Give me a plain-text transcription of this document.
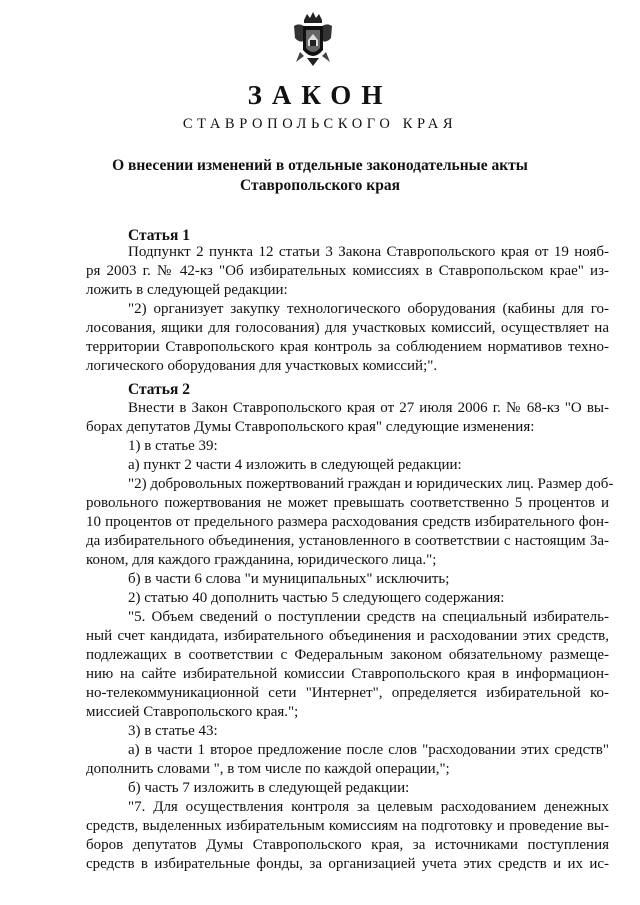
ЗАКОН
СТАВРОПОЛЬСКОГО КРАЯ
О внесении изменений в отдельные законодательные акты
Ставропольского края
Статья 1
Подпункт 2 пункта 12 статьи 3 Закона Ставропольского края от 19 нояб-
ря 2003 г. № 42-кз "Об избирательных комиссиях в Ставропольском крае" из-
ложить в следующей редакции:
"2) организует закупку технологического оборудования (кабины для го-
лосования, ящики для голосования) для участковых комиссий, осуществляет на
территории Ставропольского края контроль за соблюдением нормативов техно-
логического оборудования для участковых комиссий;".
Статья 2
Внести в Закон Ставропольского края от 27 июля 2006 г. № 68-кз "О вы-
борах депутатов Думы Ставропольского края" следующие изменения:
1) в статье 39:
а) пункт 2 части 4 изложить в следующей редакции:
"2) добровольных пожертвований граждан и юридических лиц. Размер доб-
ровольного пожертвования не может превышать соответственно 5 процентов и
10 процентов от предельного размера расходования средств избирательного фон-
да избирательного объединения, установленного в соответствии с настоящим За-
коном, для каждого гражданина, юридического лица.";
б) в части 6 слова "и муниципальных" исключить;
2) статью 40 дополнить частью 5 следующего содержания:
"5. Объем сведений о поступлении средств на специальный избиратель-
ный счет кандидата, избирательного объединения и расходовании этих средств,
подлежащих в соответствии с Федеральным законом обязательному размеще-
нию на сайте избирательной комиссии Ставропольского края в информацион-
но-телекоммуникационной сети "Интернет", определяется избирательной ко-
миссией Ставропольского края.";
3) в статье 43:
а) в части 1 второе предложение после слов "расходовании этих средств"
дополнить словами ", в том числе по каждой операции,";
б) часть 7 изложить в следующей редакции:
"7. Для осуществления контроля за целевым расходованием денежных
средств, выделенных избирательным комиссиям на подготовку и проведение вы-
боров депутатов Думы Ставропольского края, за источниками поступления
средств в избирательные фонды, за организацией учета этих средств и их ис-
